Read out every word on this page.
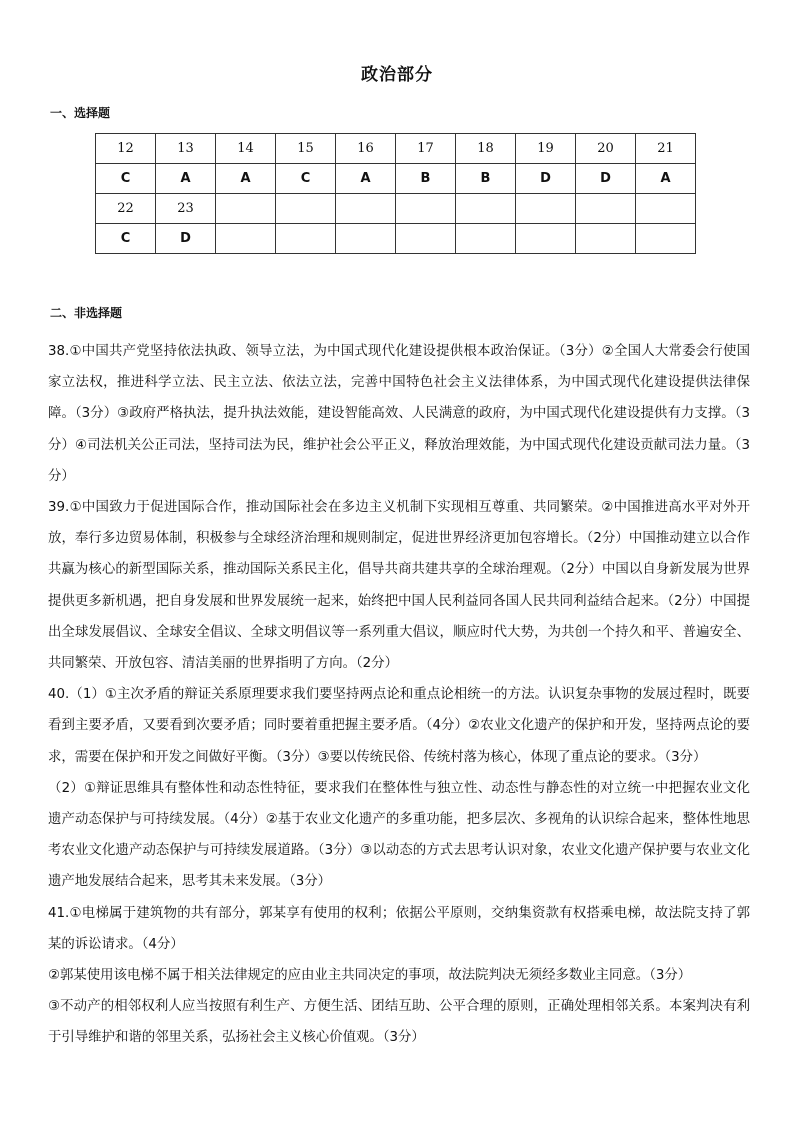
政治部分
一、选择题
12	13	14	15	16	17	18	19	20	21
C	A	A	C	A	B	B	D	D	A
22	23								
C	D								
二、非选择题

38.①中国共产党坚持依法执政、领导立法，为中国式现代化建设提供根本政治保证。（3分）②全国人大常委会行使国家立法权，推进科学立法、民主立法、依法立法，完善中国特色社会主义法律体系，为中国式现代化建设提供法律保障。（3分）③政府严格执法，提升执法效能，建设智能高效、人民满意的政府，为中国式现代化建设提供有力支撑。（3分）④司法机关公正司法，坚持司法为民，维护社会公平正义，释放治理效能，为中国式现代化建设贡献司法力量。（3分）

39.①中国致力于促进国际合作，推动国际社会在多边主义机制下实现相互尊重、共同繁荣。②中国推进高水平对外开放，奉行多边贸易体制，积极参与全球经济治理和规则制定，促进世界经济更加包容增长。（2分）中国推动建立以合作共赢为核心的新型国际关系，推动国际关系民主化，倡导共商共建共享的全球治理观。（2分）中国以自身新发展为世界提供更多新机遇，把自身发展和世界发展统一起来，始终把中国人民利益同各国人民共同利益结合起来。（2分）中国提出全球发展倡议、全球安全倡议、全球文明倡议等一系列重大倡议，顺应时代大势，为共创一个持久和平、普遍安全、共同繁荣、开放包容、清洁美丽的世界指明了方向。（2分）

40.（1）①主次矛盾的辩证关系原理要求我们要坚持两点论和重点论相统一的方法。认识复杂事物的发展过程时，既要看到主要矛盾，又要看到次要矛盾；同时要着重把握主要矛盾。（4分）②农业文化遗产的保护和开发，坚持两点论的要求，需要在保护和开发之间做好平衡。（3分）③要以传统民俗、传统村落为核心，体现了重点论的要求。（3分）

（2）①辩证思维具有整体性和动态性特征，要求我们在整体性与独立性、动态性与静态性的对立统一中把握农业文化遗产动态保护与可持续发展。（4分）②基于农业文化遗产的多重功能，把多层次、多视角的认识综合起来，整体性地思考农业文化遗产动态保护与可持续发展道路。（3分）③以动态的方式去思考认识对象，农业文化遗产保护要与农业文化遗产地发展结合起来，思考其未来发展。（3分）

41.①电梯属于建筑物的共有部分，郭某享有使用的权利；依据公平原则，交纳集资款有权搭乘电梯，故法院支持了郭某的诉讼请求。（4分）

②郭某使用该电梯不属于相关法律规定的应由业主共同决定的事项，故法院判决无须经多数业主同意。（3分）

③不动产的相邻权利人应当按照有利生产、方便生活、团结互助、公平合理的原则，正确处理相邻关系。本案判决有利于引导维护和谐的邻里关系，弘扬社会主义核心价值观。（3分）
